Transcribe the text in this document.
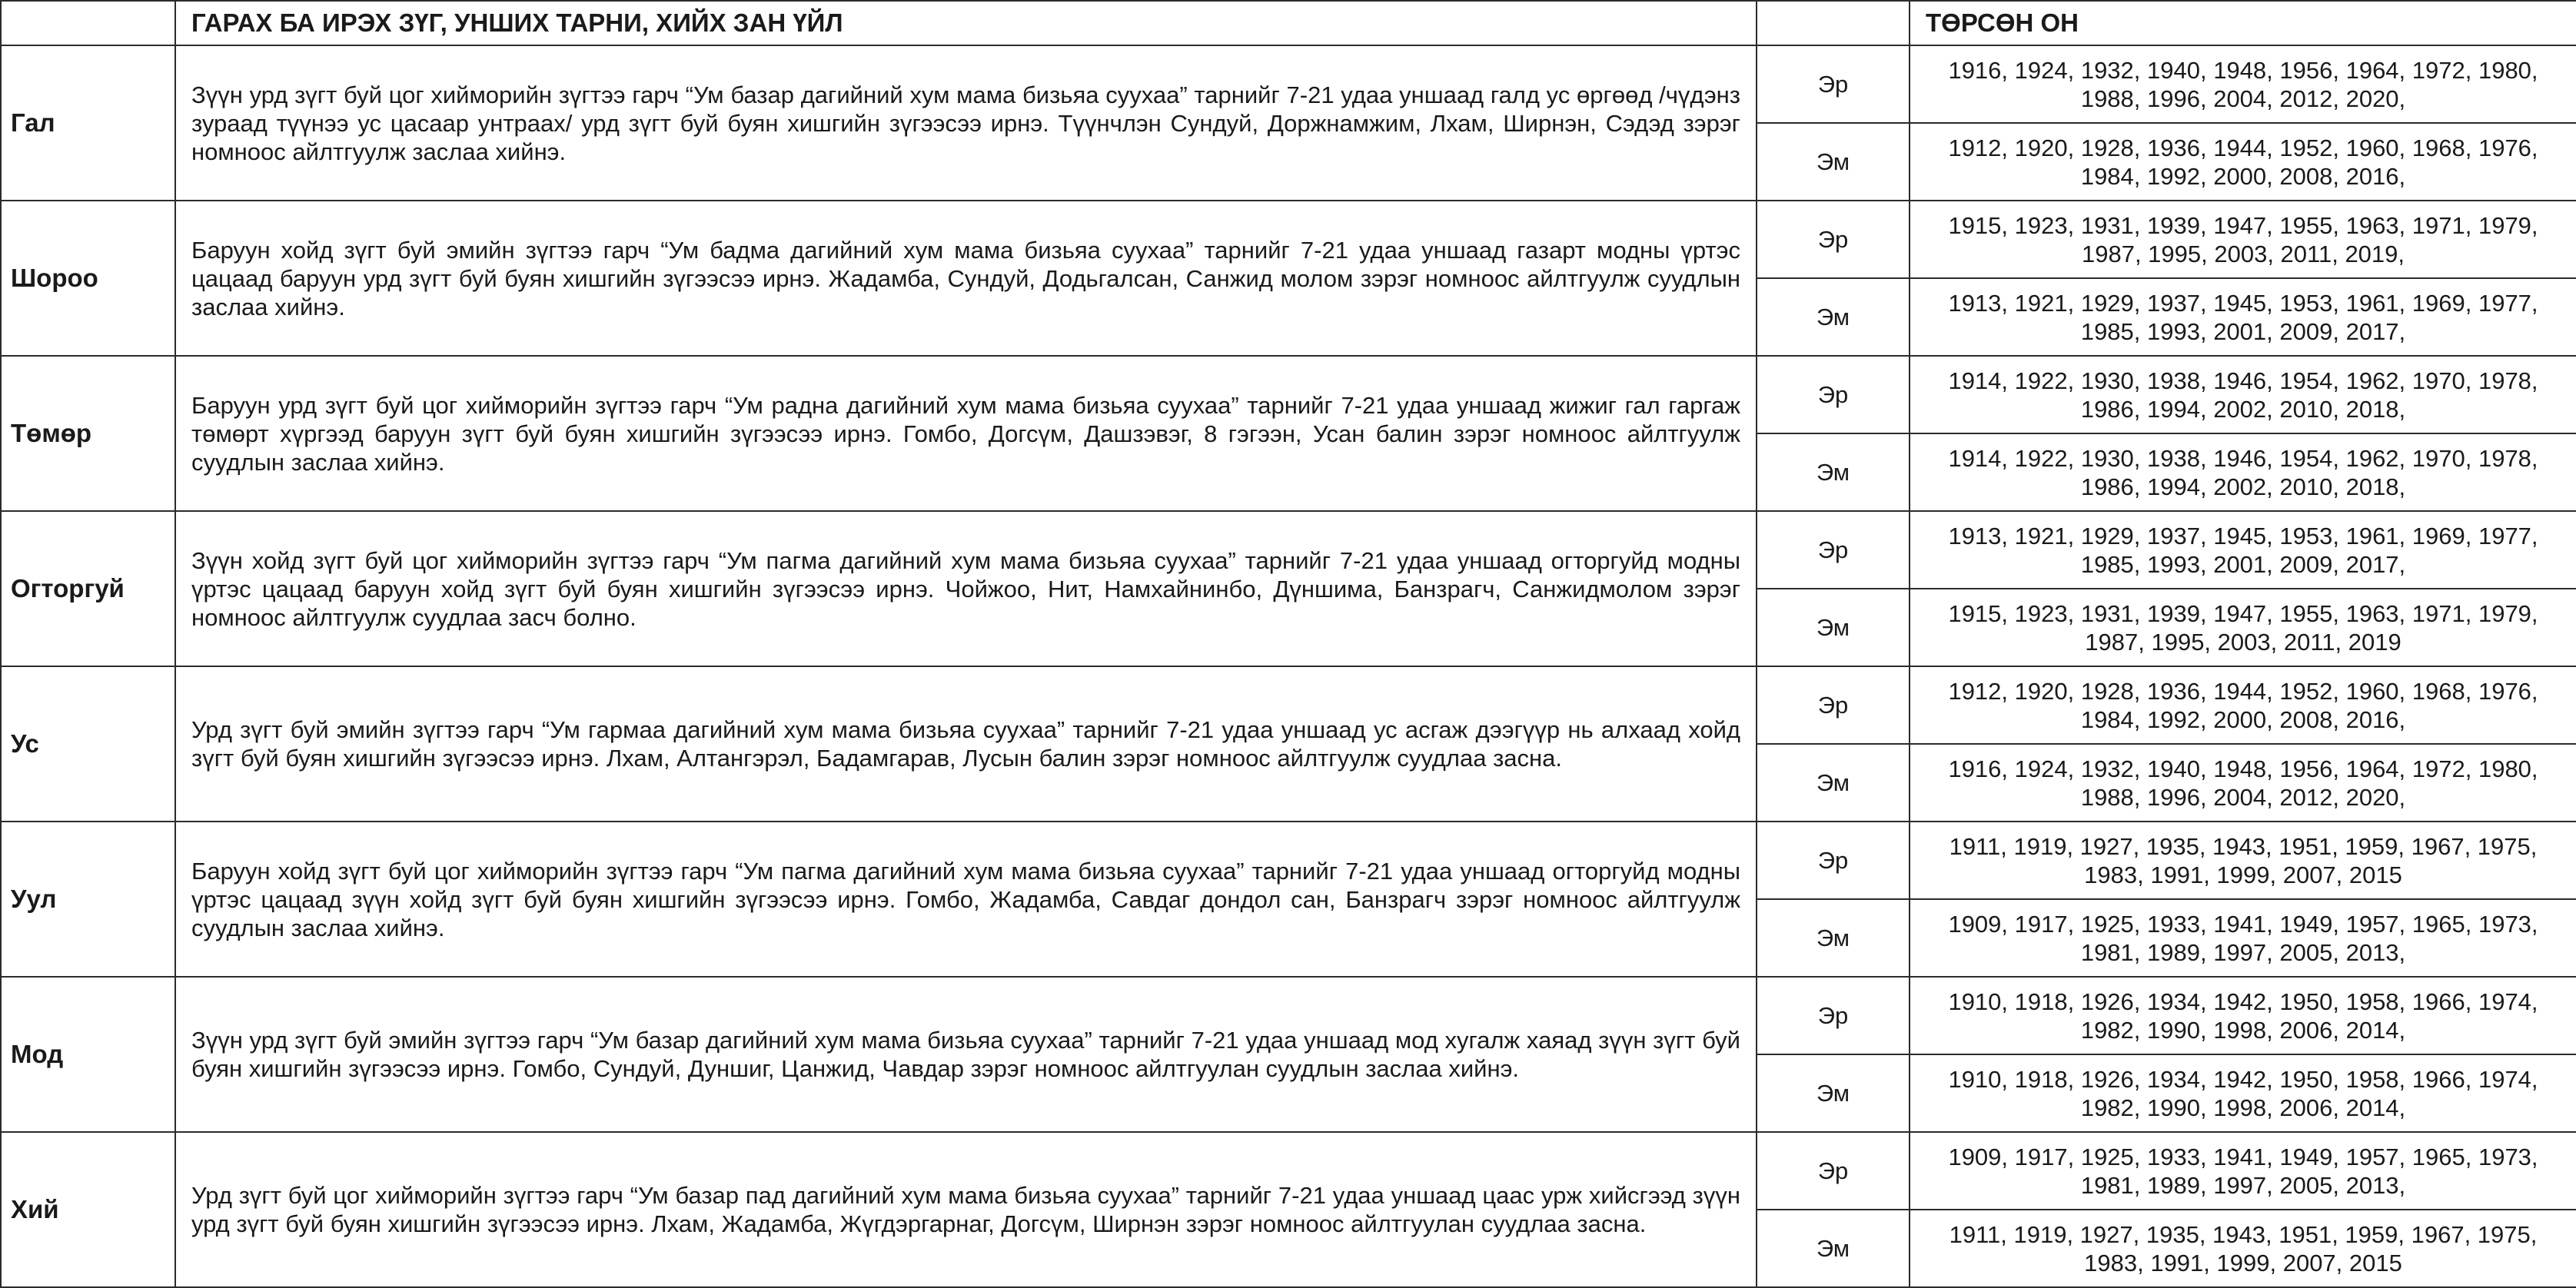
	ГАРАХ БА ИРЭХ ЗҮГ, УНШИХ ТАРНИ, ХИЙХ ЗАН ҮЙЛ		ТӨРСӨН ОН
Гал	Зүүн урд зүгт буй цог хийморийн зүгтээ гарч “Ум базар дагийний хум мама бизьяа суухаа” тарнийг 7-21 удаа уншаад галд ус өргөөд /чүдэнз зураад түүнээ ус цасаар унтраах/ урд зүгт буй буян хишгийн зүгээсээ ирнэ. Түүнчлэн Сундуй, Доржнамжим, Лхам, Ширнэн, Сэдэд зэрэг номноос айлтгуулж заслаа хийнэ.	Эр	1916, 1924, 1932, 1940, 1948, 1956, 1964, 1972, 1980, 1988, 1996, 2004, 2012, 2020,
		Эм	1912, 1920, 1928, 1936, 1944, 1952, 1960, 1968, 1976, 1984, 1992, 2000, 2008, 2016,
Шороо	Баруун хойд зүгт буй эмийн зүгтээ гарч “Ум бадма дагийний хум мама бизьяа суухаа” тарнийг 7-21 удаа уншаад газарт модны үртэс цацаад баруун урд зүгт буй буян хишгийн зүгээсээ ирнэ. Жадамба, Сундуй, Додьгалсан, Санжид молом зэрэг номноос айлтгуулж суудлын заслаа хийнэ.	Эр	1915, 1923, 1931, 1939, 1947, 1955, 1963, 1971, 1979, 1987, 1995, 2003, 2011, 2019,
		Эм	1913, 1921, 1929, 1937, 1945, 1953, 1961, 1969, 1977, 1985, 1993, 2001, 2009, 2017,
Төмөр	Баруун урд зүгт буй цог хийморийн зүгтээ гарч “Ум радна дагийний хум мама бизьяа суухаа” тарнийг 7-21 удаа уншаад жижиг гал гаргаж төмөрт хүргээд баруун зүгт буй буян хишгийн зүгээсээ ирнэ. Гомбо, Догсүм, Дашзэвэг, 8 гэгээн, Усан балин зэрэг номноос айлтгуулж суудлын заслаа хийнэ.	Эр	1914, 1922, 1930, 1938, 1946, 1954, 1962, 1970, 1978, 1986, 1994, 2002, 2010, 2018,
		Эм	1914, 1922, 1930, 1938, 1946, 1954, 1962, 1970, 1978, 1986, 1994, 2002, 2010, 2018,
Огторгуй	Зүүн хойд зүгт буй цог хийморийн зүгтээ гарч “Ум пагма дагийний хум мама бизьяа суухаа” тарнийг 7-21 удаа уншаад огторгуйд модны үртэс цацаад баруун хойд зүгт буй буян хишгийн зүгээсээ ирнэ. Чойжоо, Нит, Намхайнинбо, Дүншима, Банзрагч, Санжидмолом зэрэг номноос айлтгуулж суудлаа засч болно.	Эр	1913, 1921, 1929, 1937, 1945, 1953, 1961, 1969, 1977, 1985, 1993, 2001, 2009, 2017,
		Эм	1915, 1923, 1931, 1939, 1947, 1955, 1963, 1971, 1979, 1987, 1995, 2003, 2011, 2019
Ус	Урд зүгт буй эмийн зүгтээ гарч “Ум гармаа дагийний хум мама бизьяа суухаа” тарнийг 7-21 удаа уншаад ус асгаж дээгүүр нь алхаад хойд зүгт буй буян хишгийн зүгээсээ ирнэ. Лхам, Алтангэрэл, Бадамгарав, Лусын балин зэрэг номноос айлтгуулж суудлаа засна.	Эр	1912, 1920, 1928, 1936, 1944, 1952, 1960, 1968, 1976, 1984, 1992, 2000, 2008, 2016,
		Эм	1916, 1924, 1932, 1940, 1948, 1956, 1964, 1972, 1980, 1988, 1996, 2004, 2012, 2020,
Уул	Баруун хойд зүгт буй цог хийморийн зүгтээ гарч “Ум пагма дагийний хум мама бизьяа суухаа” тарнийг 7-21 удаа уншаад огторгуйд модны үртэс цацаад зүүн хойд зүгт буй буян хишгийн зүгээсээ ирнэ. Гомбо, Жадамба, Савдаг дондол сан, Банзрагч зэрэг номноос айлтгуулж суудлын заслаа хийнэ.	Эр	1911, 1919, 1927, 1935, 1943, 1951, 1959, 1967, 1975, 1983, 1991, 1999, 2007, 2015
		Эм	1909, 1917, 1925, 1933, 1941, 1949, 1957, 1965, 1973, 1981, 1989, 1997, 2005, 2013,
Мод	Зүүн урд зүгт буй эмийн зүгтээ гарч “Ум базар дагийний хум мама бизьяа суухаа” тарнийг 7-21 удаа уншаад мод хугалж хаяад зүүн зүгт буй буян хишгийн зүгээсээ ирнэ. Гомбо, Сундуй, Дуншиг, Цанжид, Чавдар зэрэг номноос айлтгуулан суудлын заслаа хийнэ.	Эр	1910, 1918, 1926, 1934, 1942, 1950, 1958, 1966, 1974, 1982, 1990, 1998, 2006, 2014,
		Эм	1910, 1918, 1926, 1934, 1942, 1950, 1958, 1966, 1974, 1982, 1990, 1998, 2006, 2014,
Хий	Урд зүгт буй цог хийморийн зүгтээ гарч “Ум базар пад дагийний хум мама бизьяа суухаа” тарнийг 7-21 удаа уншаад цаас урж хийсгээд зүүн урд зүгт буй буян хишгийн зүгээсээ ирнэ. Лхам, Жадамба, Жүгдэргарнаг, Догсүм, Ширнэн зэрэг номноос айлтгуулан суудлаа засна.	Эр	1909, 1917, 1925, 1933, 1941, 1949, 1957, 1965, 1973, 1981, 1989, 1997, 2005, 2013,
		Эм	1911, 1919, 1927, 1935, 1943, 1951, 1959, 1967, 1975, 1983, 1991, 1999, 2007, 2015
